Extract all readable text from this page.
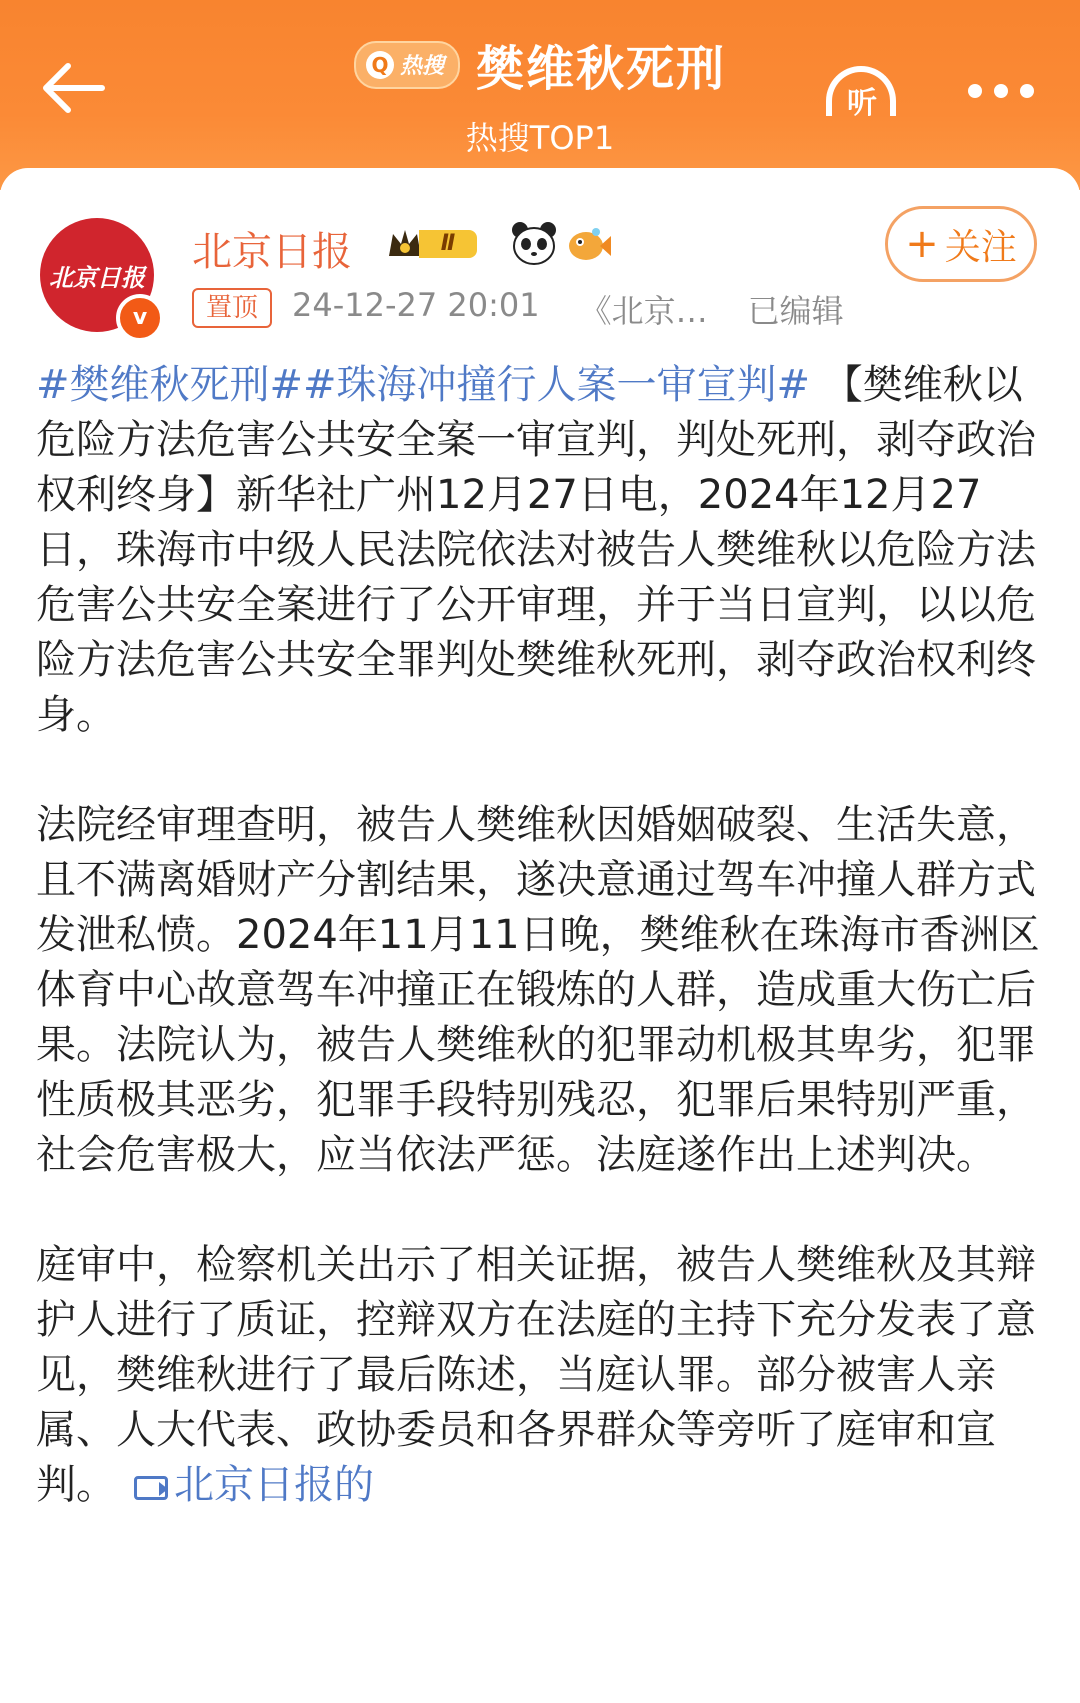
Q 热搜 樊维秋死刑
热搜TOP1
听
北京日报
v
北京日报	Ⅱ
置顶	24-12-27 20:01 《北京… 已编辑
+ 关注

#樊维秋死刑##珠海冲撞行人案一审宣判# 【樊维秋以危险方法危害公共安全案一审宣判，判处死刑，剥夺政治权利终身】新华社广州12月27日电，2024年12月27日，珠海市中级人民法院依法对被告人樊维秋以危险方法危害公共安全案进行了公开审理，并于当日宣判，以以危险方法危害公共安全罪判处樊维秋死刑，剥夺政治权利终身。

法院经审理查明，被告人樊维秋因婚姻破裂、生活失意，且不满离婚财产分割结果，遂决意通过驾车冲撞人群方式发泄私愤。2024年11月11日晚，樊维秋在珠海市香洲区体育中心故意驾车冲撞正在锻炼的人群，造成重大伤亡后果。法院认为，被告人樊维秋的犯罪动机极其卑劣，犯罪性质极其恶劣，犯罪手段特别残忍，犯罪后果特别严重，社会危害极大，应当依法严惩。法庭遂作出上述判决。

庭审中，检察机关出示了相关证据，被告人樊维秋及其辩护人进行了质证，控辩双方在法庭的主持下充分发表了意见，樊维秋进行了最后陈述，当庭认罪。部分被害人亲属、人大代表、政协委员和各界群众等旁听了庭审和宣判。 北京日报的
